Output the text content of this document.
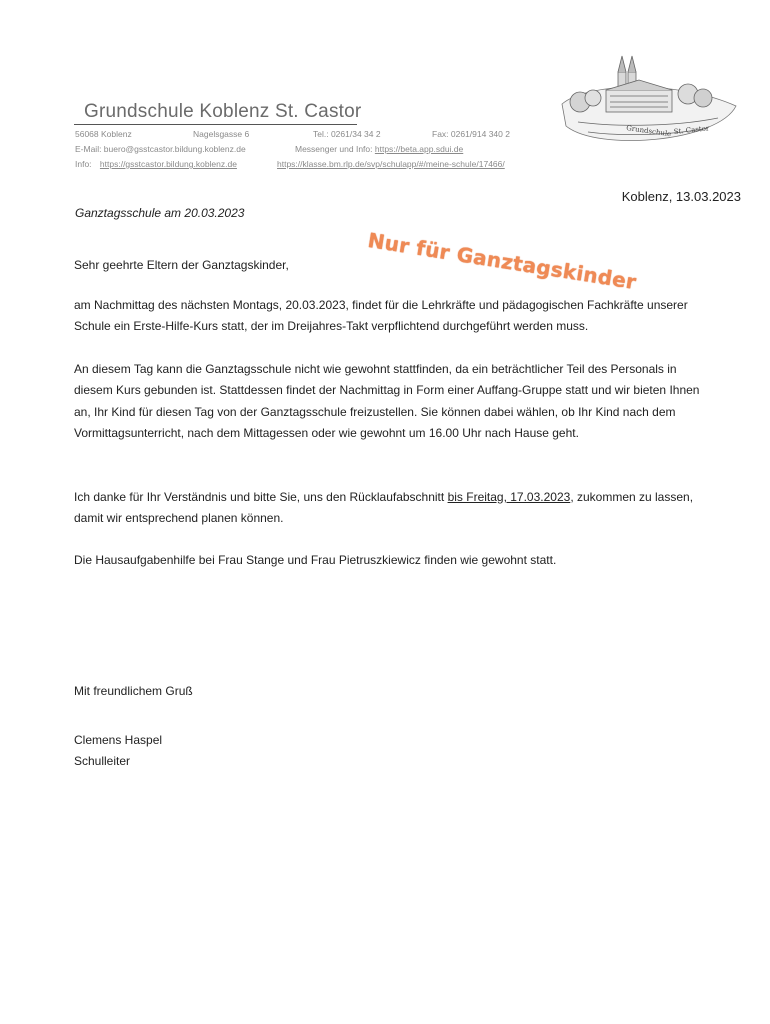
Grundschule Koblenz St. Castor
56068 Koblenz	Nagelsgasse 6	Tel.: 0261/34 34 2	Fax: 0261/914 340 2
E-Mail: buero@gsstcastor.bildung.koblenz.de	Messenger und Info: https://beta.app.sdui.de
Info: https://gsstcastor.bildung.koblenz.de	https://klasse.bm.rlp.de/svp/schulapp/#/meine-schule/17466/
Grundschule St. Castor
Koblenz, 13.03.2023
Ganztagsschule am 20.03.2023
Nur für Ganztagskinder

Sehr geehrte Eltern der Ganztagskinder,

am Nachmittag des nächsten Montags, 20.03.2023, findet für die Lehrkräfte und pädagogischen Fachkräfte unserer Schule ein Erste-Hilfe-Kurs statt, der im Dreijahres-Takt verpflichtend durchgeführt werden muss.

An diesem Tag kann die Ganztagsschule nicht wie gewohnt stattfinden, da ein beträchtlicher Teil des Personals in diesem Kurs gebunden ist. Stattdessen findet der Nachmittag in Form einer Auffang-Gruppe statt und wir bieten Ihnen an, Ihr Kind für diesen Tag von der Ganztagsschule freizustellen. Sie können dabei wählen, ob Ihr Kind nach dem Vormittagsunterricht, nach dem Mittagessen oder wie gewohnt um 16.00 Uhr nach Hause geht.

Ich danke für Ihr Verständnis und bitte Sie, uns den Rücklaufabschnitt bis Freitag, 17.03.2023, zukommen zu lassen, damit wir entsprechend planen können.

Die Hausaufgabenhilfe bei Frau Stange und Frau Pietruszkiewicz finden wie gewohnt statt.

Mit freundlichem Gruß

Clemens Haspel

Schulleiter
